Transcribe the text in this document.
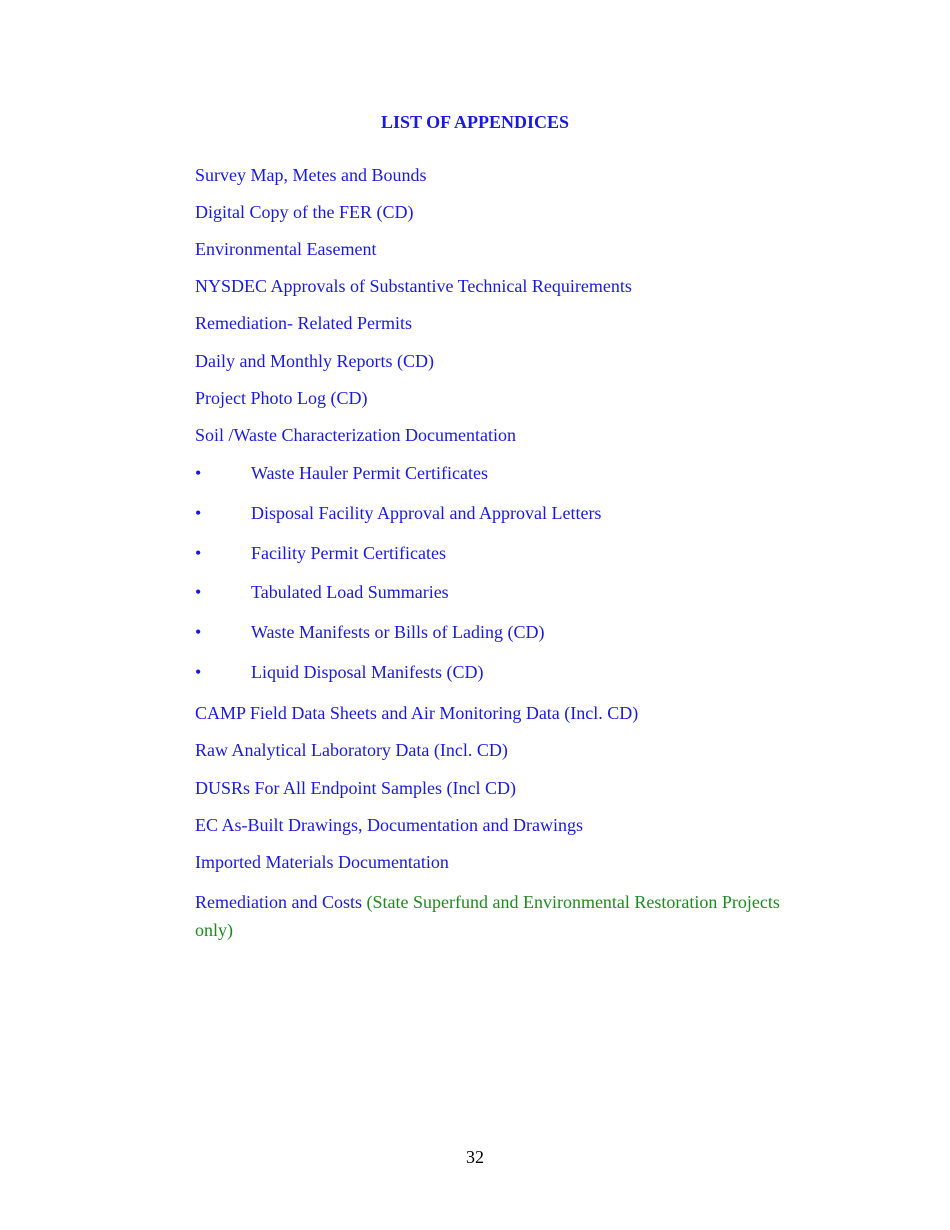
LIST OF APPENDICES
Survey Map, Metes and Bounds
Digital Copy of the FER (CD)
Environmental Easement
NYSDEC Approvals of Substantive Technical Requirements
Remediation- Related Permits
Daily and Monthly Reports (CD)
Project Photo Log (CD)
Soil /Waste Characterization Documentation
•	Waste Hauler Permit Certificates
•	Disposal Facility Approval and Approval Letters
•	Facility Permit Certificates
•	Tabulated Load Summaries
•	Waste Manifests or Bills of Lading (CD)
•	Liquid Disposal Manifests (CD)
CAMP Field Data Sheets and Air Monitoring Data (Incl. CD)
Raw Analytical Laboratory Data (Incl. CD)
DUSRs For All Endpoint Samples (Incl CD)
EC As-Built Drawings, Documentation and Drawings
Imported Materials Documentation
Remediation and Costs (State Superfund and Environmental Restoration Projects only)
32
